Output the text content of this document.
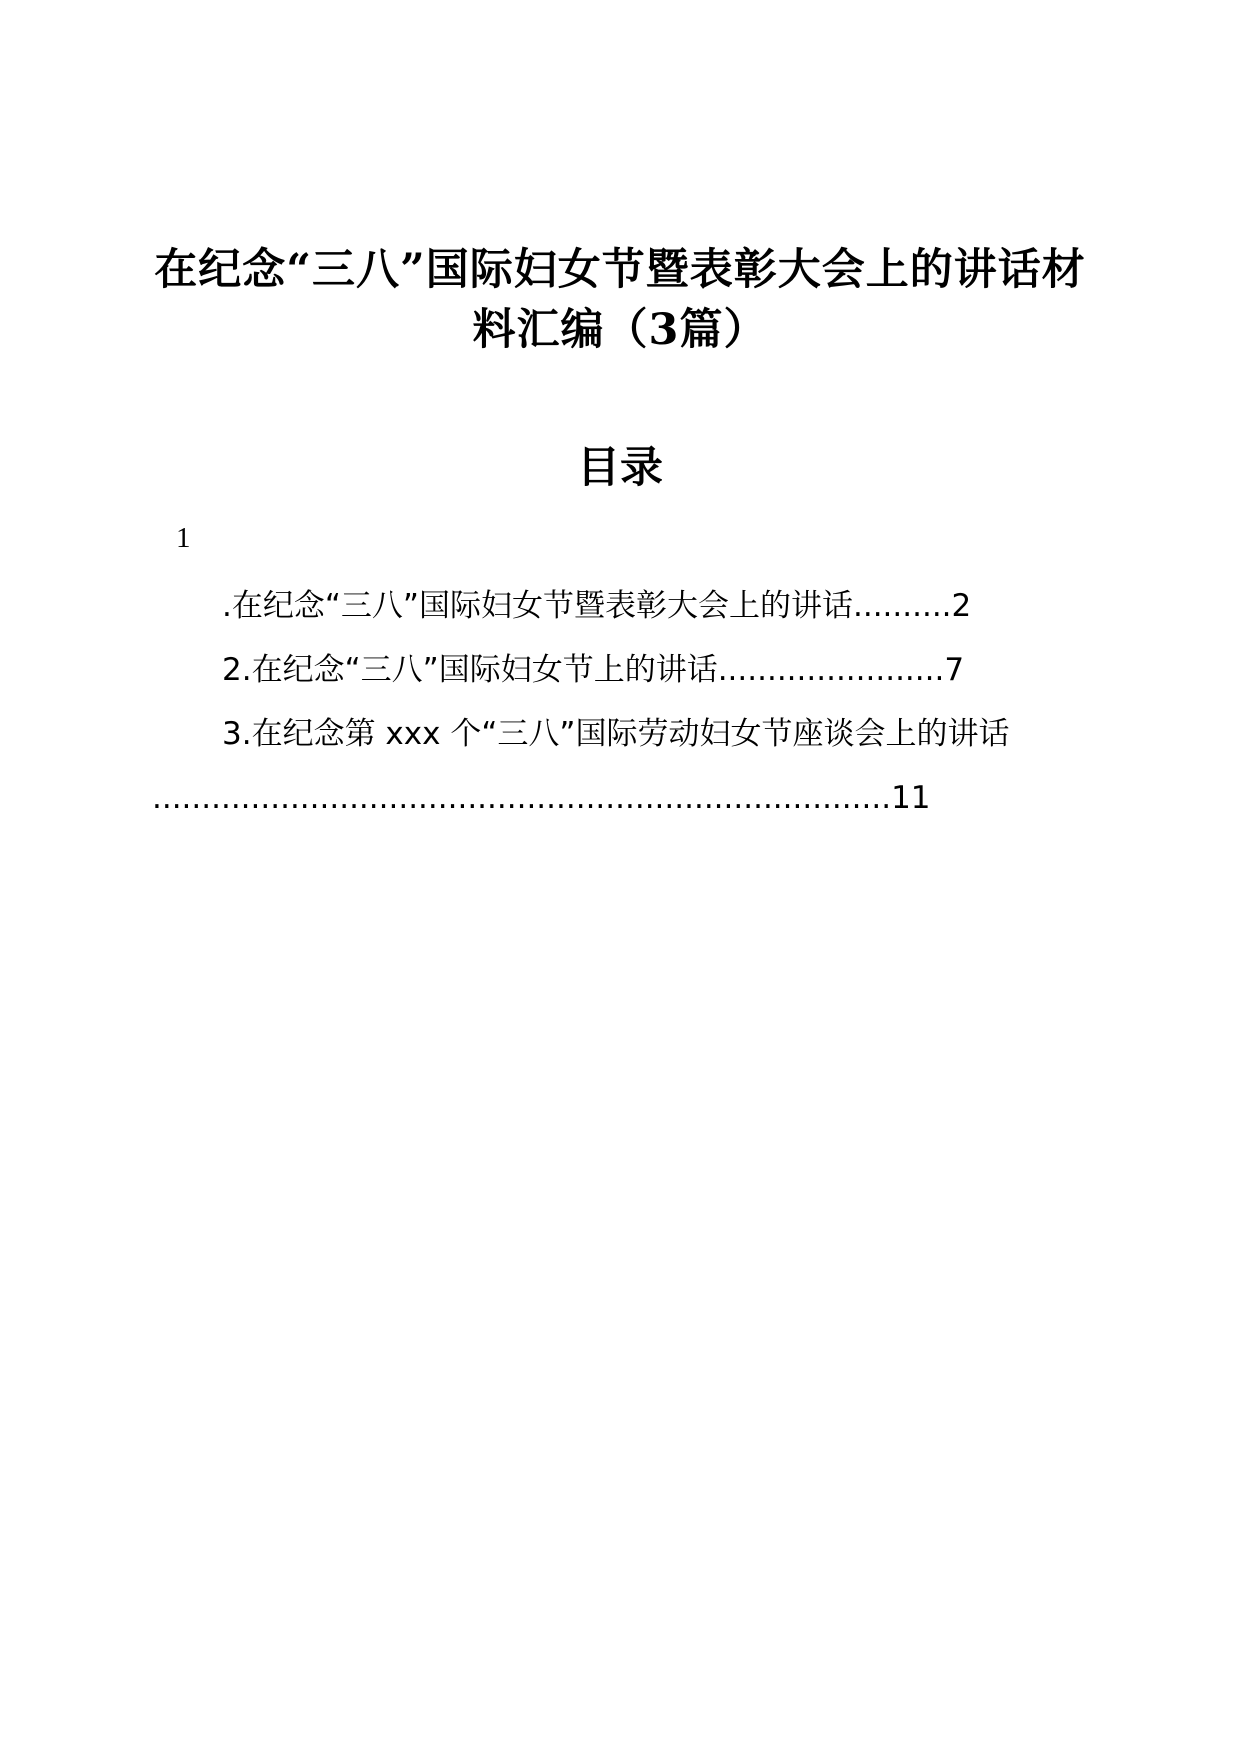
在纪念“三八”国际妇女节暨表彰大会上的讲话材料汇编（3篇）
目录
1
.在纪念“三八”国际妇女节暨表彰大会上的讲话..........2
2.在纪念“三八”国际妇女节上的讲话.......................7
3.在纪念第 xxx 个“三八”国际劳动妇女节座谈会上的讲话
...........................................................................11
